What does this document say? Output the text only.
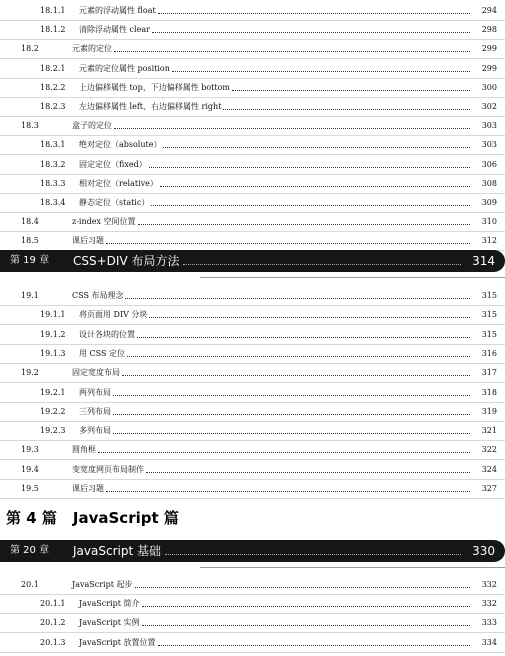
18.1.1 元素的浮动属性 float	294
18.1.2 清除浮动属性 clear	298
18.2	元素的定位	299
18.2.1 元素的定位属性 position	299
18.2.2 上边偏移属性 top、下边偏移属性 bottom	300
18.2.3 左边偏移属性 left、右边偏移属性 right	302
18.3	盒子的定位	303
18.3.1 绝对定位（absolute）	303
18.3.2 固定定位（fixed）	306
18.3.3 相对定位（relative）	308
18.3.4 静态定位（static）	309
18.4	z-index 空间位置	310
18.5	课后习题	312
第 19 章 CSS+DIV 布局方法	314
19.1	CSS 布局理念	315
19.1.1 将页面用 DIV 分块	315
19.1.2 设计各块的位置	315
19.1.3 用 CSS 定位	316
19.2	固定宽度布局	317
19.2.1 两列布局	318
19.2.2 三列布局	319
19.2.3 多列布局	321
19.3	圆角框	322
19.4	变宽度网页布局制作	324
19.5	课后习题	327
第 4 篇 JavaScript 篇
第 20 章 JavaScript 基础	330
20.1	JavaScript 起步	332
20.1.1 JavaScript 简介	332
20.1.2 JavaScript 实例	333
20.1.3 JavaScript 放置位置	334
